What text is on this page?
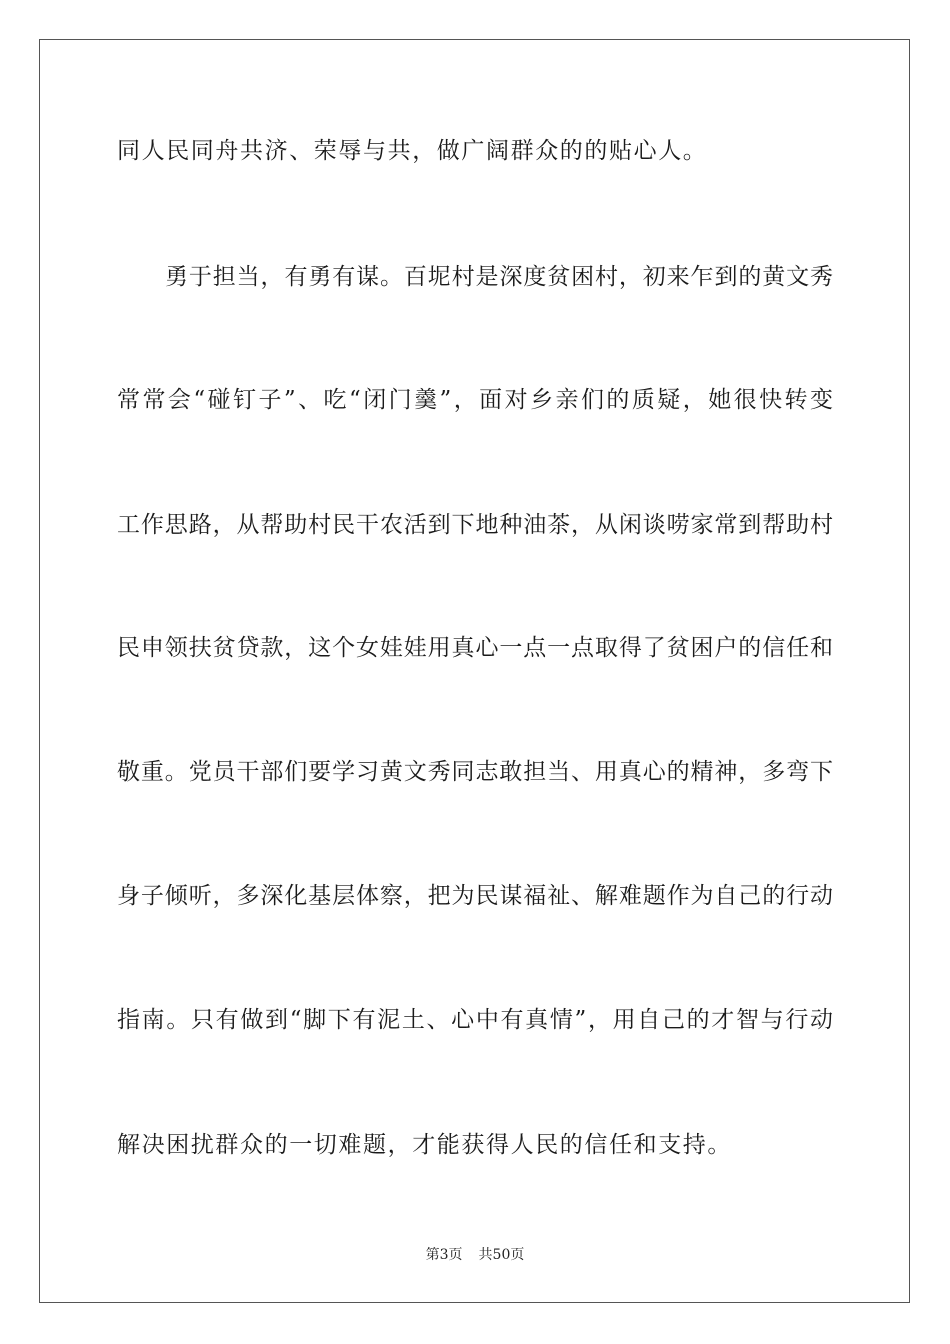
同人民同舟共济、荣辱与共，做广阔群众的的贴心人。
勇于担当，有勇有谋。百坭村是深度贫困村，初来乍到的黄文秀
常常会“碰钉子”、吃“闭门羹”，面对乡亲们的质疑，她很快转变
工作思路，从帮助村民干农活到下地种油茶，从闲谈唠家常到帮助村
民申领扶贫贷款，这个女娃娃用真心一点一点取得了贫困户的信任和
敬重。党员干部们要学习黄文秀同志敢担当、用真心的精神，多弯下
身子倾听，多深化基层体察，把为民谋福祉、解难题作为自己的行动
指南。只有做到“脚下有泥土、心中有真情”，用自己的才智与行动
解决困扰群众的一切难题，才能获得人民的信任和支持。
第3页 共50页
